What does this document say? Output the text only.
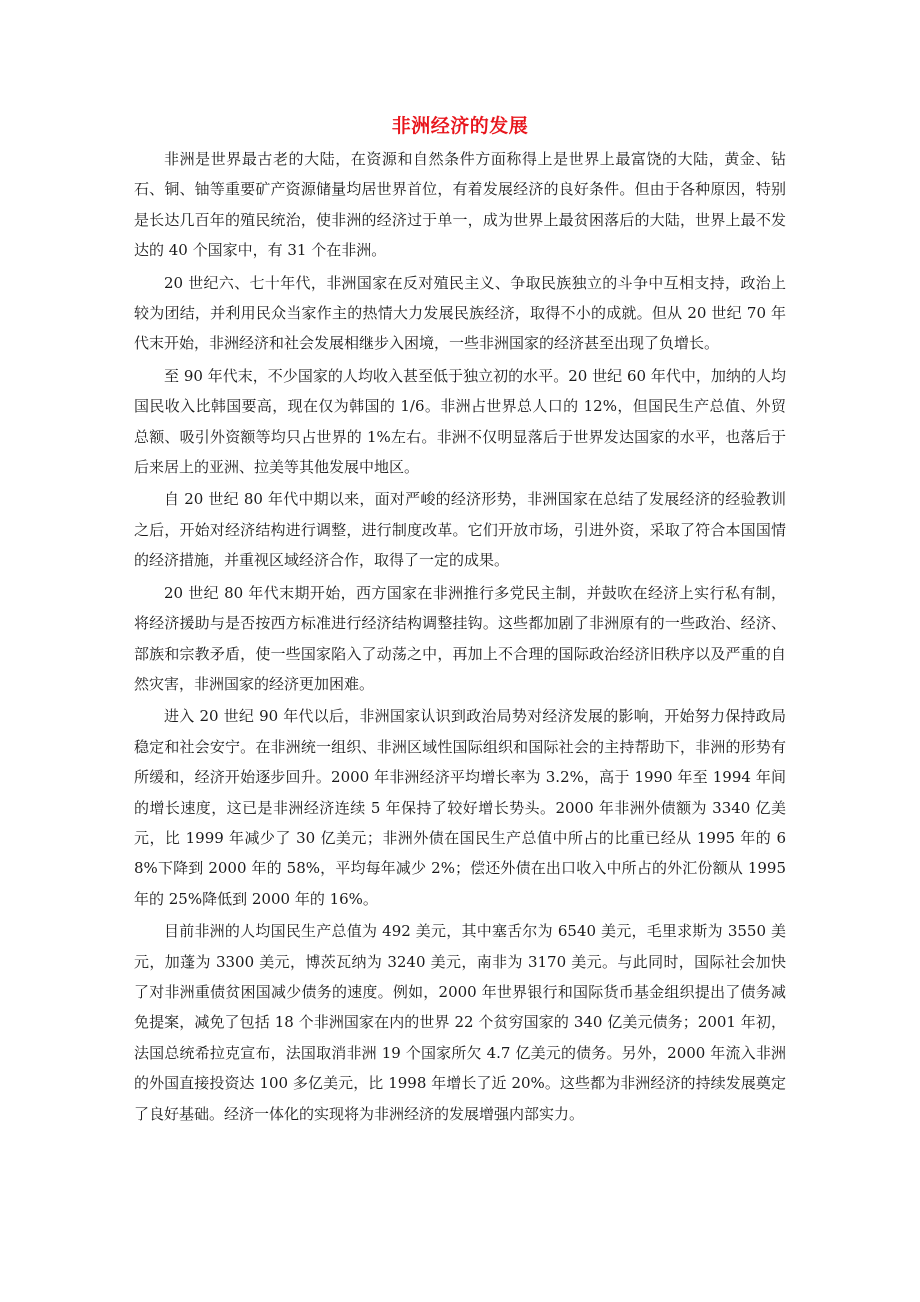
非洲经济的发展

非洲是世界最古老的大陆，在资源和自然条件方面称得上是世界上最富饶的大陆，黄金、钻石、铜、铀等重要矿产资源储量均居世界首位，有着发展经济的良好条件。但由于各种原因，特别是长达几百年的殖民统治，使非洲的经济过于单一，成为世界上最贫困落后的大陆，世界上最不发达的 40 个国家中，有 31 个在非洲。

20 世纪六、七十年代，非洲国家在反对殖民主义、争取民族独立的斗争中互相支持，政治上较为团结，并利用民众当家作主的热情大力发展民族经济，取得不小的成就。但从 20 世纪 70 年代末开始，非洲经济和社会发展相继步入困境，一些非洲国家的经济甚至出现了负增长。

至 90 年代末，不少国家的人均收入甚至低于独立初的水平。20 世纪 60 年代中，加纳的人均国民收入比韩国要高，现在仅为韩国的 1/6。非洲占世界总人口的 12%，但国民生产总值、外贸总额、吸引外资额等均只占世界的 1%左右。非洲不仅明显落后于世界发达国家的水平，也落后于后来居上的亚洲、拉美等其他发展中地区。

自 20 世纪 80 年代中期以来，面对严峻的经济形势，非洲国家在总结了发展经济的经验教训之后，开始对经济结构进行调整，进行制度改革。它们开放市场，引进外资，采取了符合本国国情的经济措施，并重视区域经济合作，取得了一定的成果。

20 世纪 80 年代末期开始，西方国家在非洲推行多党民主制，并鼓吹在经济上实行私有制，将经济援助与是否按西方标准进行经济结构调整挂钩。这些都加剧了非洲原有的一些政治、经济、部族和宗教矛盾，使一些国家陷入了动荡之中，再加上不合理的国际政治经济旧秩序以及严重的自然灾害，非洲国家的经济更加困难。

进入 20 世纪 90 年代以后，非洲国家认识到政治局势对经济发展的影响，开始努力保持政局稳定和社会安宁。在非洲统一组织、非洲区域性国际组织和国际社会的主持帮助下，非洲的形势有所缓和，经济开始逐步回升。2000 年非洲经济平均增长率为 3.2%，高于 1990 年至 1994 年间的增长速度，这已是非洲经济连续 5 年保持了较好增长势头。2000 年非洲外债额为 3340 亿美元，比 1999 年减少了 30 亿美元；非洲外债在国民生产总值中所占的比重已经从 1995 年的 68%下降到 2000 年的 58%，平均每年减少 2%；偿还外债在出口收入中所占的外汇份额从 1995 年的 25%降低到 2000 年的 16%。

目前非洲的人均国民生产总值为 492 美元，其中塞舌尔为 6540 美元，毛里求斯为 3550 美元，加蓬为 3300 美元，博茨瓦纳为 3240 美元，南非为 3170 美元。与此同时，国际社会加快了对非洲重债贫困国减少债务的速度。例如，2000 年世界银行和国际货币基金组织提出了债务减免提案，减免了包括 18 个非洲国家在内的世界 22 个贫穷国家的 340 亿美元债务；2001 年初，法国总统希拉克宣布，法国取消非洲 19 个国家所欠 4.7 亿美元的债务。另外，2000 年流入非洲的外国直接投资达 100 多亿美元，比 1998 年增长了近 20%。这些都为非洲经济的持续发展奠定了良好基础。经济一体化的实现将为非洲经济的发展增强内部实力。
